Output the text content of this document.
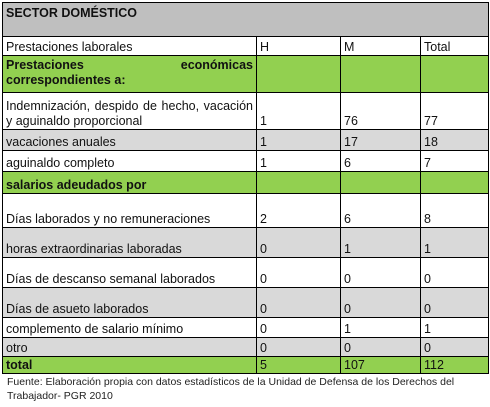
SECTOR DOMÉSTICO			
Prestaciones laborales	H	M	Total
Prestaciones económicas correspondientes a:			
Indemnización, despido de hecho, vacación y aguinaldo proporcional	1	76	77
vacaciones anuales	1	17	18
aguinaldo completo	1	6	7
salarios adeudados por			
Días laborados y no remuneraciones	2	6	8
horas extraordinarias laboradas	0	1	1
Días de descanso semanal laborados	0	0	0
Días de asueto laborados	0	0	0
complemento de salario mínimo	0	1	1
otro	0	0	0
total	5	107	112
Fuente: Elaboración propia con datos estadísticos de la Unidad de Defensa de los Derechos del Trabajador- PGR 2010
